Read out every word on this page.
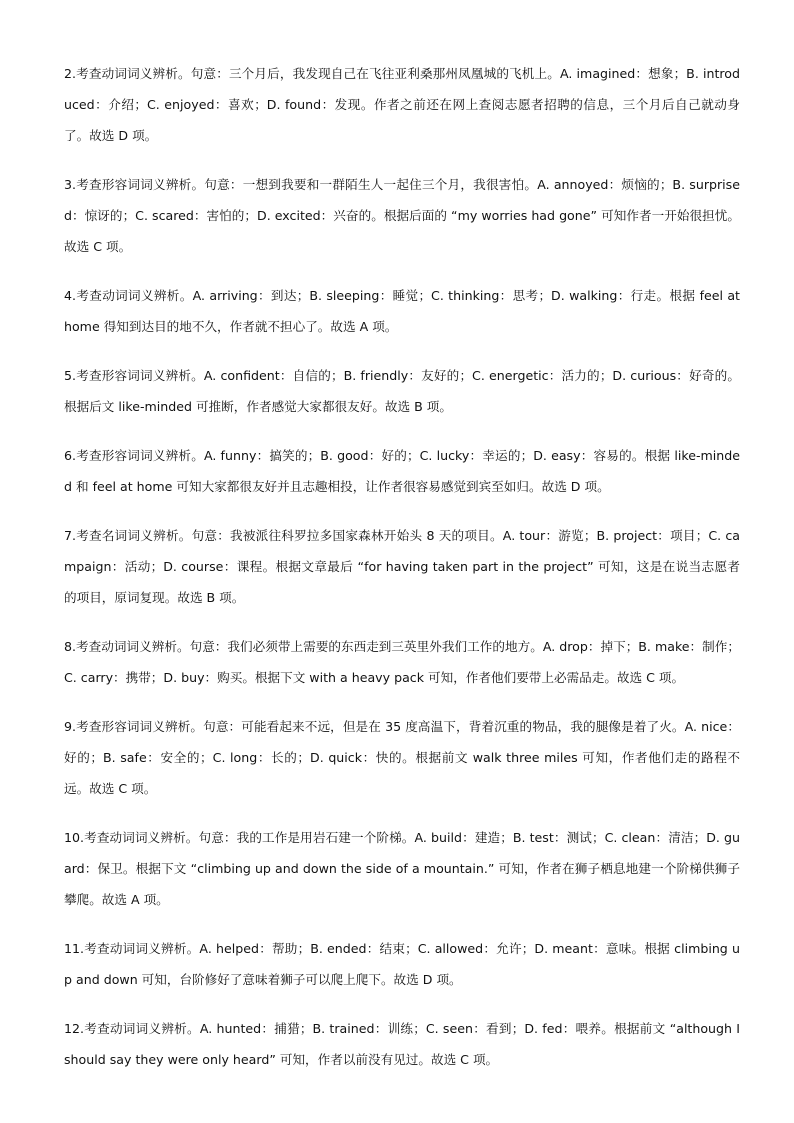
2.考查动词词义辨析。句意：三个月后，我发现自己在飞往亚利桑那州凤凰城的飞机上。A. imagined：想象；B. introduced：介绍；C. enjoyed：喜欢；D. found：发现。作者之前还在网上查阅志愿者招聘的信息，三个月后自己就动身了。故选 D 项。

3.考查形容词词义辨析。句意：一想到我要和一群陌生人一起住三个月，我很害怕。A. annoyed：烦恼的；B. surprised：惊讶的；C. scared：害怕的；D. excited：兴奋的。根据后面的 “my worries had gone” 可知作者一开始很担忧。故选 C 项。

4.考查动词词义辨析。A. arriving：到达；B. sleeping：睡觉；C. thinking：思考；D. walking：行走。根据 feel at home 得知到达目的地不久，作者就不担心了。故选 A 项。

5.考查形容词词义辨析。A. confident：自信的；B. friendly：友好的；C. energetic：活力的；D. curious：好奇的。根据后文 like-minded 可推断，作者感觉大家都很友好。故选 B 项。

6.考查形容词词义辨析。A. funny：搞笑的；B. good：好的；C. lucky：幸运的；D. easy：容易的。根据 like-minded 和 feel at home 可知大家都很友好并且志趣相投，让作者很容易感觉到宾至如归。故选 D 项。

7.考查名词词义辨析。句意：我被派往科罗拉多国家森林开始头 8 天的项目。A. tour：游览；B. project：项目；C. campaign：活动；D. course：课程。根据文章最后 “for having taken part in the project” 可知，这是在说当志愿者的项目，原词复现。故选 B 项。

8.考查动词词义辨析。句意：我们必须带上需要的东西走到三英里外我们工作的地方。A. drop：掉下；B. make：制作；C. carry：携带；D. buy：购买。根据下文 with a heavy pack 可知，作者他们要带上必需品走。故选 C 项。

9.考查形容词词义辨析。句意：可能看起来不远，但是在 35 度高温下，背着沉重的物品，我的腿像是着了火。A. nice：好的；B. safe：安全的；C. long：长的；D. quick：快的。根据前文 walk three miles 可知，作者他们走的路程不远。故选 C 项。

10.考查动词词义辨析。句意：我的工作是用岩石建一个阶梯。A. build：建造；B. test：测试；C. clean：清洁；D. guard：保卫。根据下文 “climbing up and down the side of a mountain.” 可知，作者在狮子栖息地建一个阶梯供狮子攀爬。故选 A 项。

11.考查动词词义辨析。A. helped：帮助；B. ended：结束；C. allowed：允许；D. meant：意味。根据 climbing up and down 可知，台阶修好了意味着狮子可以爬上爬下。故选 D 项。

12.考查动词词义辨析。A. hunted：捕猎；B. trained：训练；C. seen：看到；D. fed：喂养。根据前文 “although I should say they were only heard” 可知，作者以前没有见过。故选 C 项。
